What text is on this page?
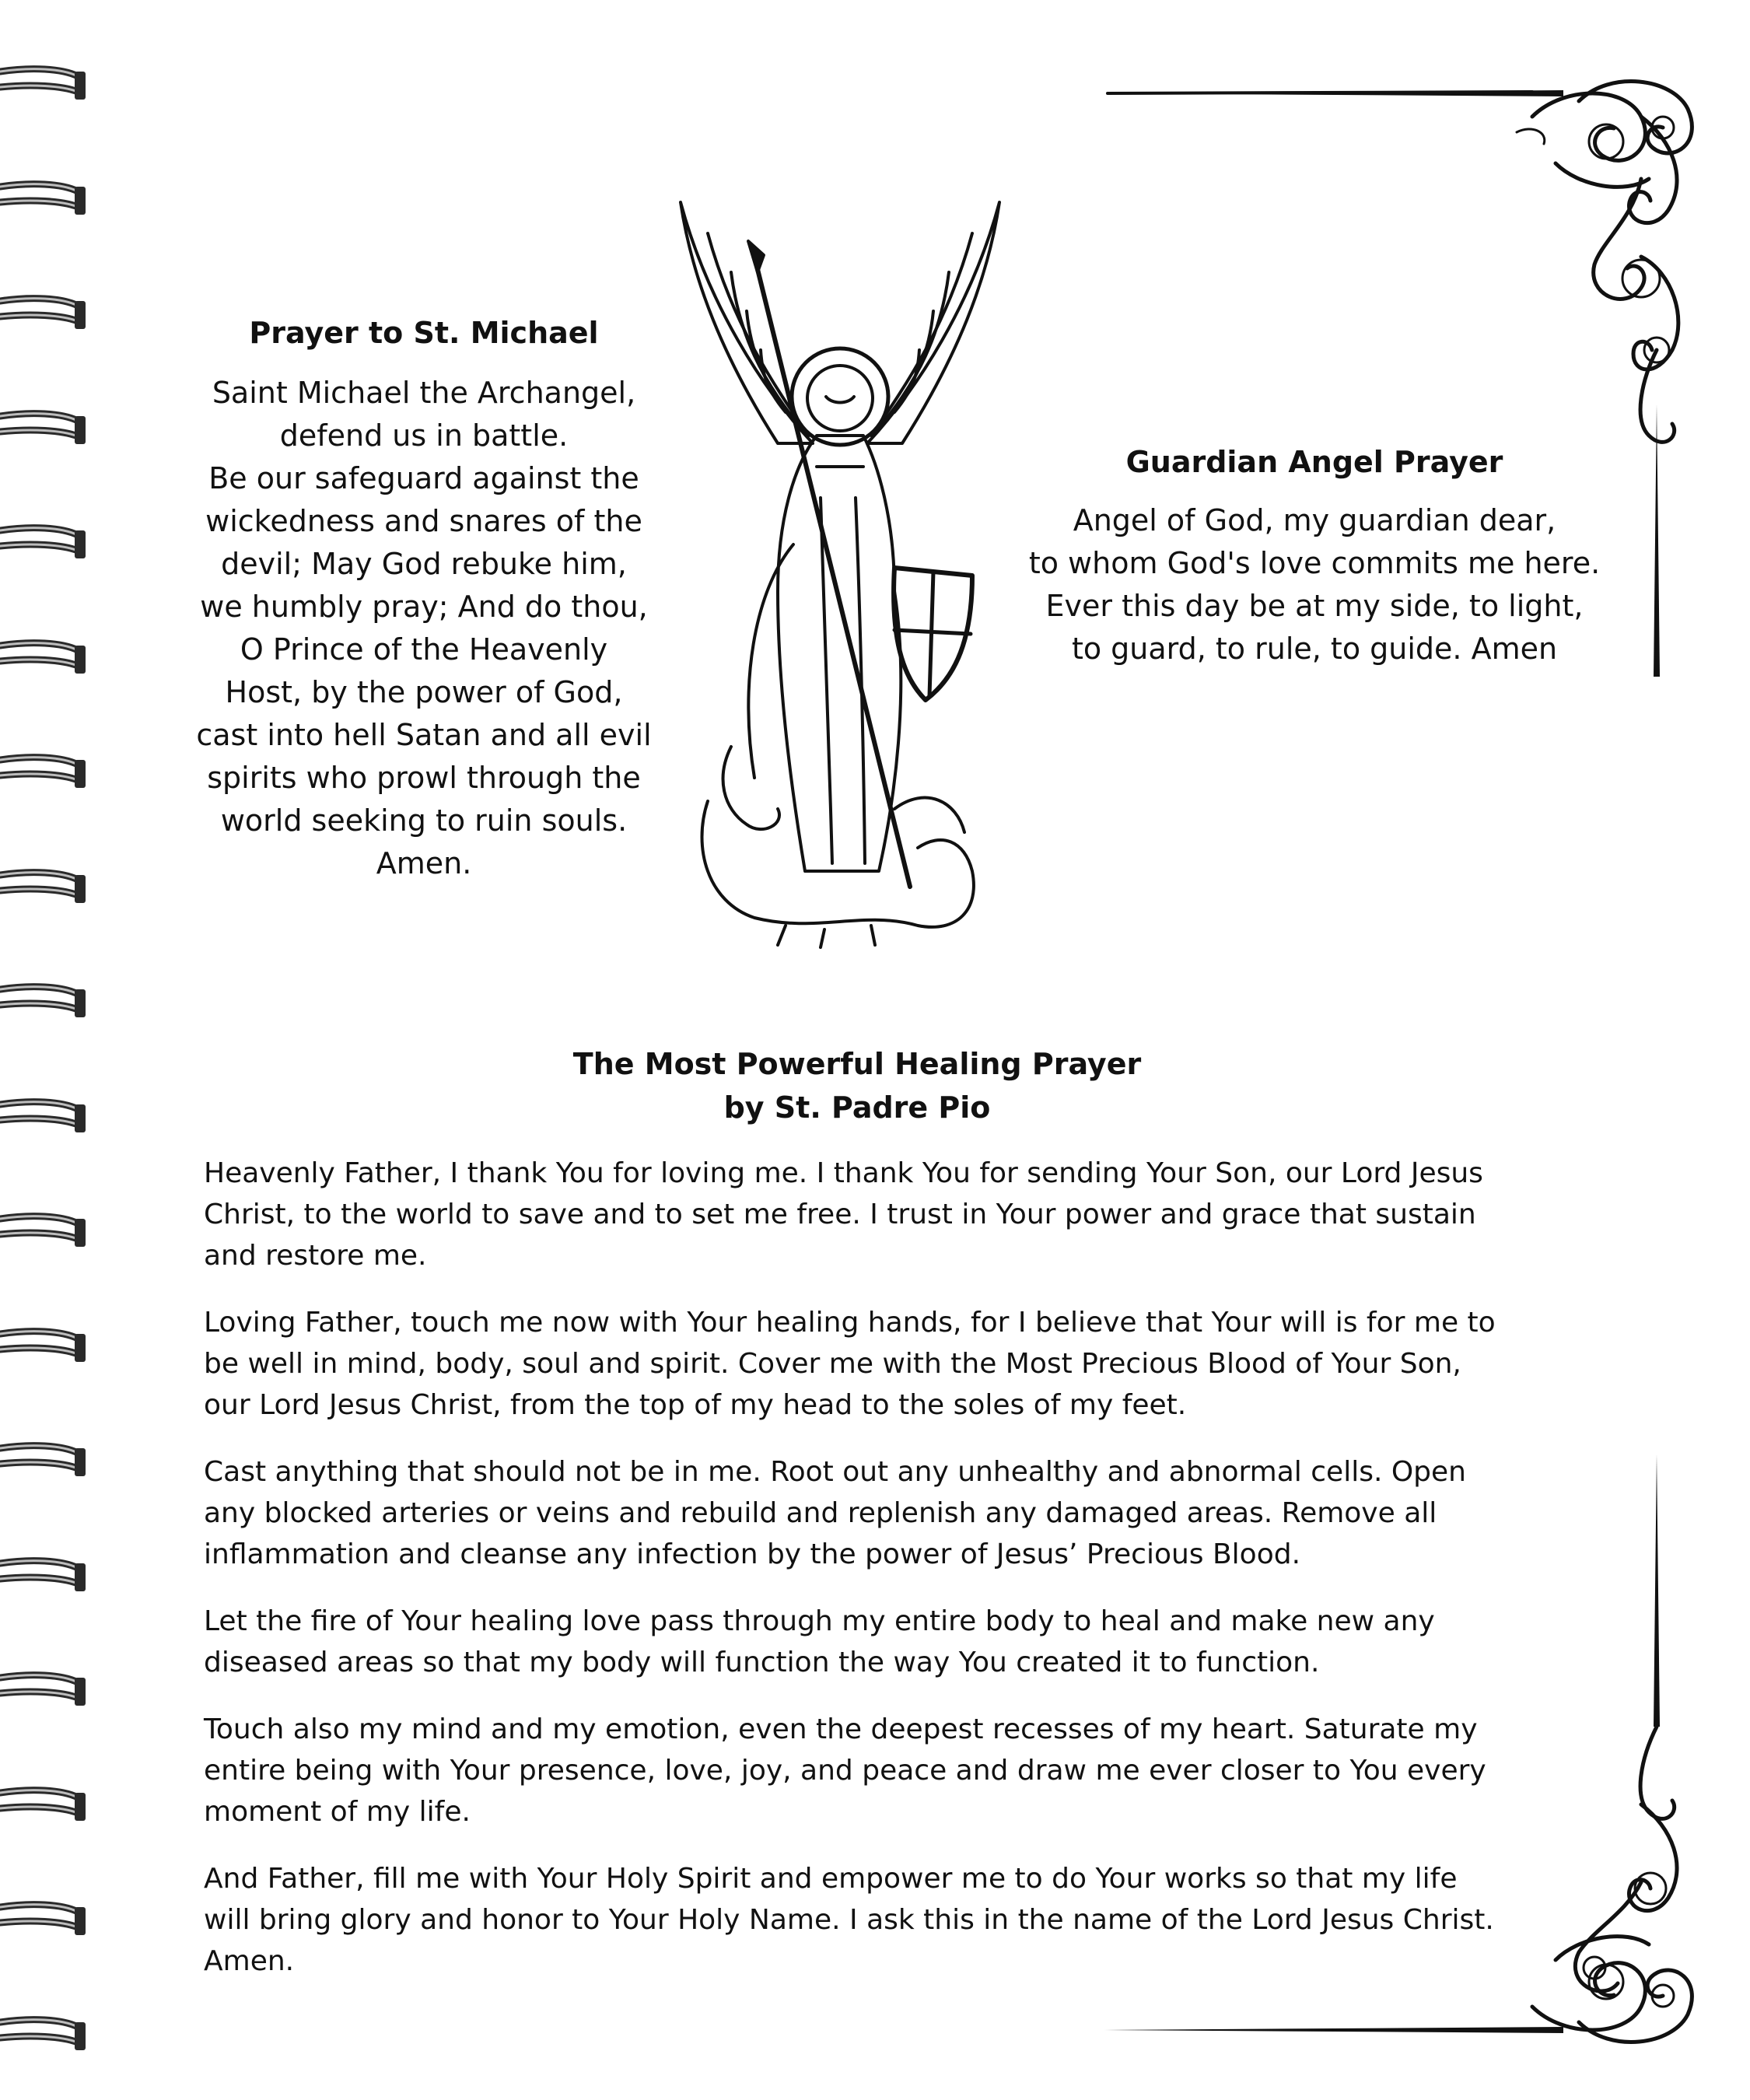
Prayer to St. Michael
Saint Michael the Archangel,
defend us in battle.
Be our safeguard against the
wickedness and snares of the
devil; May God rebuke him,
we humbly pray; And do thou,
O Prince of the Heavenly
Host, by the power of God,
cast into hell Satan and all evil
spirits who prowl through the
world seeking to ruin souls.
Amen.
Guardian Angel Prayer
Angel of God, my guardian dear,
to whom God's love commits me here.
Ever this day be at my side, to light,
to guard, to rule, to guide. Amen
The Most Powerful Healing Prayer
by St. Padre Pio
Heavenly Father, I thank You for loving me. I thank You for sending Your Son, our Lord Jesus
Christ, to the world to save and to set me free. I trust in Your power and grace that sustain
and restore me.
Loving Father, touch me now with Your healing hands, for I believe that Your will is for me to
be well in mind, body, soul and spirit. Cover me with the Most Precious Blood of Your Son,
our Lord Jesus Christ, from the top of my head to the soles of my feet.
Cast anything that should not be in me. Root out any unhealthy and abnormal cells. Open
any blocked arteries or veins and rebuild and replenish any damaged areas. Remove all
inflammation and cleanse any infection by the power of Jesus’ Precious Blood.
Let the fire of Your healing love pass through my entire body to heal and make new any
diseased areas so that my body will function the way You created it to function.
Touch also my mind and my emotion, even the deepest recesses of my heart. Saturate my
entire being with Your presence, love, joy, and peace and draw me ever closer to You every
moment of my life.
And Father, fill me with Your Holy Spirit and empower me to do Your works so that my life
will bring glory and honor to Your Holy Name. I ask this in the name of the Lord Jesus Christ.
Amen.
